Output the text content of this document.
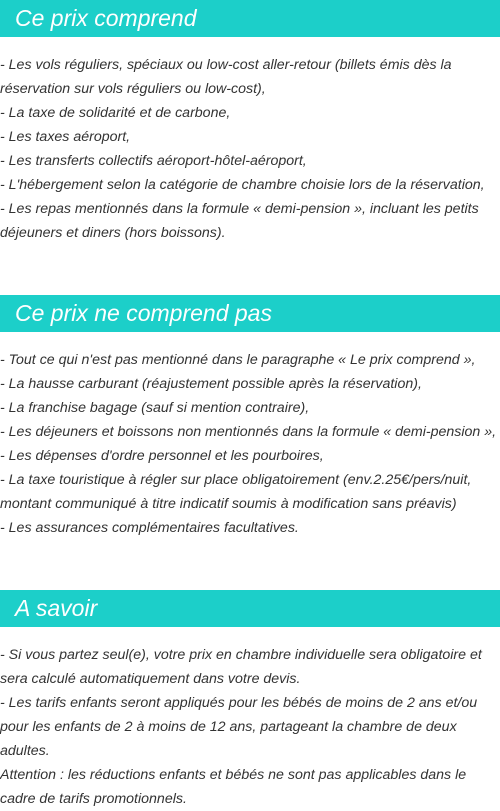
Ce prix comprend
- Les vols réguliers, spéciaux ou low-cost aller-retour (billets émis dès la réservation sur vols réguliers ou low-cost),
- La taxe de solidarité et de carbone,
- Les taxes aéroport,
- Les transferts collectifs aéroport-hôtel-aéroport,
- L'hébergement selon la catégorie de chambre choisie lors de la réservation,
- Les repas mentionnés dans la formule « demi-pension », incluant les petits déjeuners et diners (hors boissons).
Ce prix ne comprend pas
- Tout ce qui n'est pas mentionné dans le paragraphe « Le prix comprend »,
- La hausse carburant (réajustement possible après la réservation),
- La franchise bagage (sauf si mention contraire),
- Les déjeuners et boissons non mentionnés dans la formule « demi-pension »,
- Les dépenses d'ordre personnel et les pourboires,
- La taxe touristique à régler sur place obligatoirement (env.2.25€/pers/nuit, montant communiqué à titre indicatif soumis à modification sans préavis)
- Les assurances complémentaires facultatives.
A savoir
- Si vous partez seul(e), votre prix en chambre individuelle sera obligatoire et sera calculé automatiquement dans votre devis.
- Les tarifs enfants seront appliqués pour les bébés de moins de 2 ans et/ou pour les enfants de 2 à moins de 12 ans, partageant la chambre de deux adultes.
Attention : les réductions enfants et bébés ne sont pas applicables dans le cadre de tarifs promotionnels.
